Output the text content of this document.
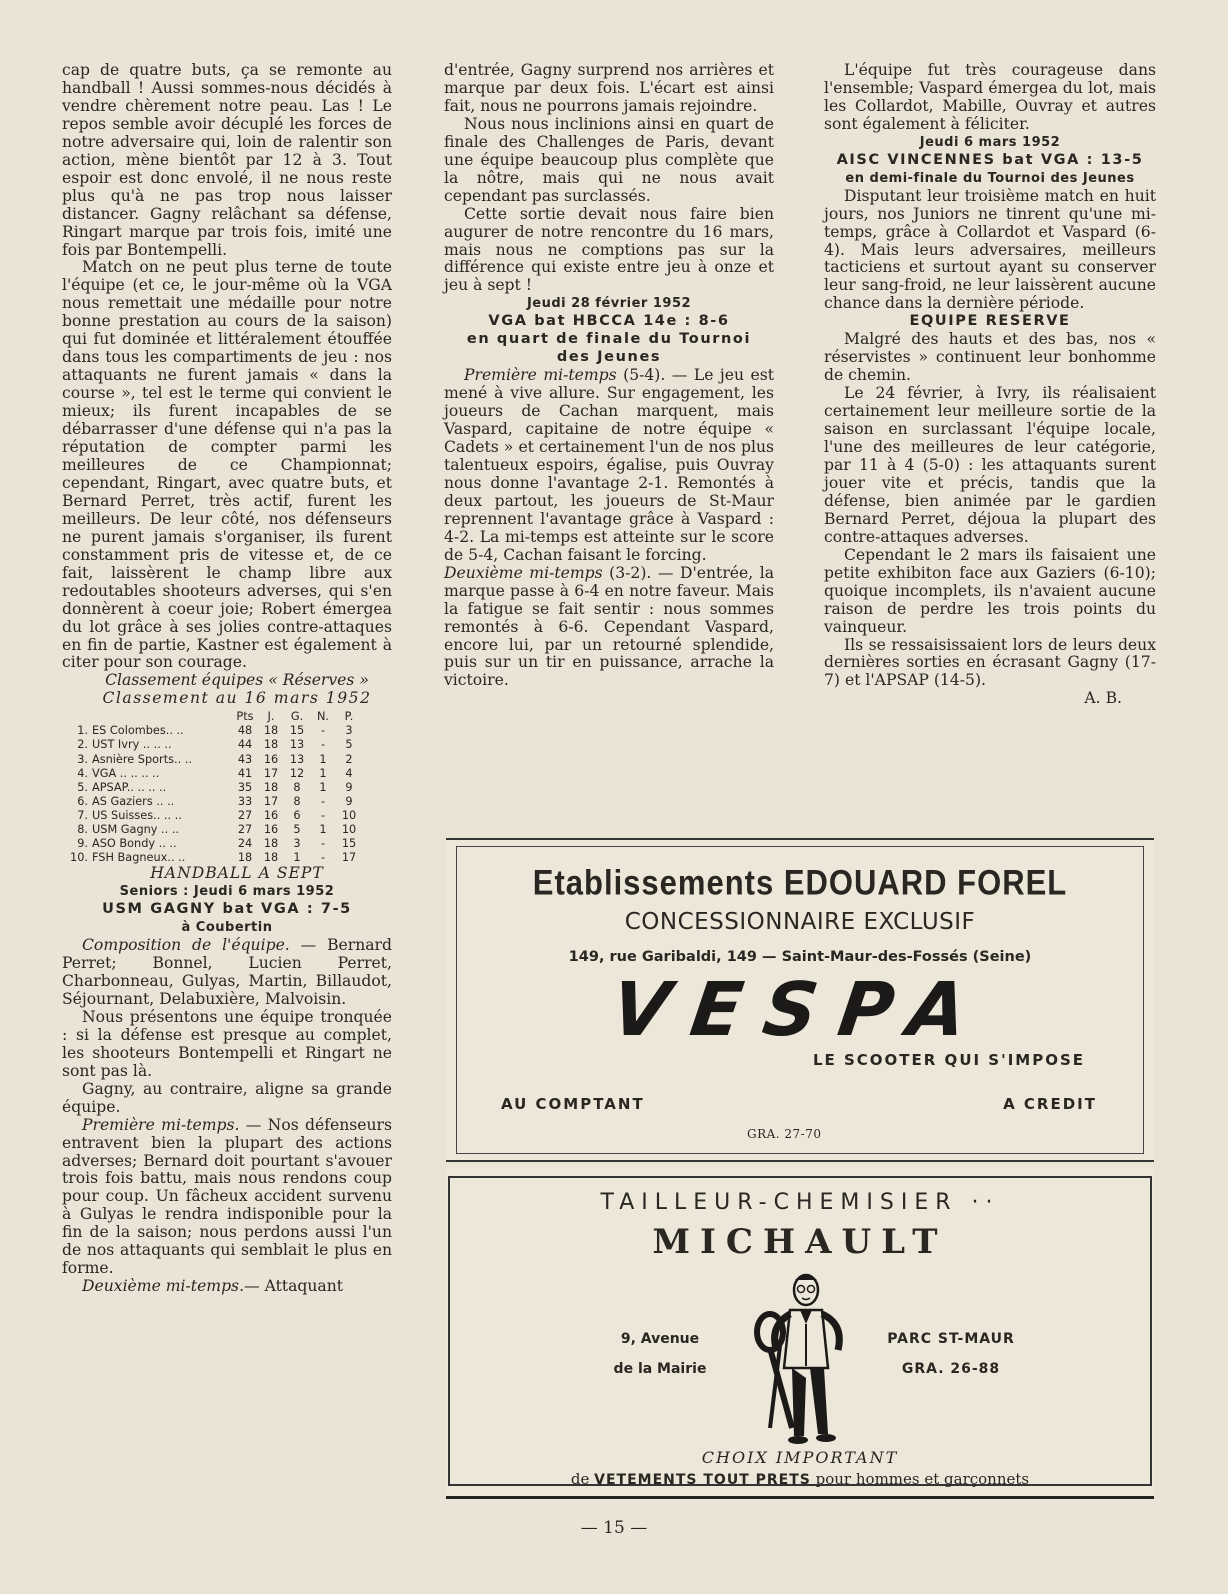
cap de quatre buts, ça se remonte au handball ! Aussi sommes-nous décidés à vendre chèrement notre peau. Las ! Le repos semble avoir décuplé les forces de notre adversaire qui, loin de ralentir son action, mène bientôt par 12 à 3. Tout espoir est donc envolé, il ne nous reste plus qu'à ne pas trop nous laisser distancer. Gagny relâchant sa défense, Ringart marque par trois fois, imité une fois par Bontempelli.

Match on ne peut plus terne de toute l'équipe (et ce, le jour-même où la VGA nous remettait une médaille pour notre bonne prestation au cours de la saison) qui fut dominée et littéralement étouffée dans tous les compartiments de jeu : nos attaquants ne furent jamais « dans la course », tel est le terme qui convient le mieux; ils furent incapables de se débarrasser d'une défense qui n'a pas la réputation de compter parmi les meilleures de ce Championnat; cependant, Ringart, avec quatre buts, et Bernard Perret, très actif, furent les meilleurs. De leur côté, nos défenseurs ne purent jamais s'organiser, ils furent constamment pris de vitesse et, de ce fait, laissèrent le champ libre aux redoutables shooteurs adverses, qui s'en donnèrent à coeur joie; Robert émergea du lot grâce à ses jolies contre-attaques en fin de partie, Kastner est également à citer pour son courage.

Classement équipes « Réserves »

Classement au 16 mars 1952

		Pts	J.	G.	N.	P.
1.	ES Colombes.. ..	48	18	15	-	3
2.	UST Ivry .. .. ..	44	18	13	-	5
3.	Asnière Sports.. ..	43	16	13	1	2
4.	VGA .. .. .. ..	41	17	12	1	4
5.	APSAP.. .. .. ..	35	18	8	1	9
6.	AS Gaziers .. ..	33	17	8	-	9
7.	US Suisses.. .. ..	27	16	6	-	10
8.	USM Gagny .. ..	27	16	5	1	10
9.	ASO Bondy .. ..	24	18	3	-	15
10.	FSH Bagneux.. ..	18	18	1	-	17

HANDBALL A SEPT

Seniors : Jeudi 6 mars 1952
USM GAGNY bat VGA : 7-5
à Coubertin

Composition de l'équipe. — Bernard Perret; Bonnel, Lucien Perret, Charbonneau, Gulyas, Martin, Billaudot, Séjournant, Delabuxière, Malvoisin.

Nous présentons une équipe tronquée : si la défense est presque au complet, les shooteurs Bontempelli et Ringart ne sont pas là.

Gagny, au contraire, aligne sa grande équipe.

Première mi-temps. — Nos défenseurs entravent bien la plupart des actions adverses; Bernard doit pourtant s'avouer trois fois battu, mais nous rendons coup pour coup. Un fâcheux accident survenu à Gulyas le rendra indisponible pour la fin de la saison; nous perdons aussi l'un de nos attaquants qui semblait le plus en forme.

Deuxième mi-temps.— Attaquant

d'entrée, Gagny surprend nos arrières et marque par deux fois. L'écart est ainsi fait, nous ne pourrons jamais rejoindre.

Nous nous inclinions ainsi en quart de finale des Challenges de Paris, devant une équipe beaucoup plus complète que la nôtre, mais qui ne nous avait cependant pas surclassés.

Cette sortie devait nous faire bien augurer de notre rencontre du 16 mars, mais nous ne comptions pas sur la différence qui existe entre jeu à onze et jeu à sept !

Jeudi 28 février 1952
VGA bat HBCCA 14e : 8-6
en quart de finale du Tournoi
des Jeunes

Première mi-temps (5-4). — Le jeu est mené à vive allure. Sur engagement, les joueurs de Cachan marquent, mais Vaspard, capitaine de notre équipe « Cadets » et certainement l'un de nos plus talentueux espoirs, égalise, puis Ouvray nous donne l'avantage 2-1. Remontés à deux partout, les joueurs de St-Maur reprennent l'avantage grâce à Vaspard : 4-2. La mi-temps est atteinte sur le score de 5-4, Cachan faisant le forcing.

Deuxième mi-temps (3-2). — D'entrée, la marque passe à 6-4 en notre faveur. Mais la fatigue se fait sentir : nous sommes remontés à 6-6. Cependant Vaspard, encore lui, par un retourné splendide, puis sur un tir en puissance, arrache la victoire.

L'équipe fut très courageuse dans l'ensemble; Vaspard émergea du lot, mais les Collardot, Mabille, Ouvray et autres sont également à féliciter.

Jeudi 6 mars 1952
AISC VINCENNES bat VGA : 13-5
en demi-finale du Tournoi des Jeunes

Disputant leur troisième match en huit jours, nos Juniors ne tinrent qu'une mi-temps, grâce à Collardot et Vaspard (6-4). Mais leurs adversaires, meilleurs tacticiens et surtout ayant su conserver leur sang-froid, ne leur laissèrent aucune chance dans la dernière période.

EQUIPE RESERVE

Malgré des hauts et des bas, nos « réservistes » continuent leur bonhomme de chemin.

Le 24 février, à Ivry, ils réalisaient certainement leur meilleure sortie de la saison en surclassant l'équipe locale, l'une des meilleures de leur catégorie, par 11 à 4 (5-0) : les attaquants surent jouer vite et précis, tandis que la défense, bien animée par le gardien Bernard Perret, déjoua la plupart des contre-attaques adverses.

Cependant le 2 mars ils faisaient une petite exhibiton face aux Gaziers (6-10); quoique incomplets, ils n'avaient aucune raison de perdre les trois points du vainqueur.

Ils se ressaisissaient lors de leurs deux dernières sorties en écrasant Gagny (17-7) et l'APSAP (14-5).

A. B.

Etablissements EDOUARD FOREL
CONCESSIONNAIRE EXCLUSIF
149, rue Garibaldi, 149 — Saint-Maur-des-Fossés (Seine)
VESPA
LE SCOOTER QUI S'IMPOSE
AU COMPTANT	A CREDIT
GRA. 27-70
TAILLEUR-CHEMISIER ··
MICHAULT
9, Avenue
de la Mairie
PARC ST-MAUR
GRA. 26-88
CHOIX IMPORTANT
de VETEMENTS TOUT PRETS pour hommes et garçonnets
— 15 —
